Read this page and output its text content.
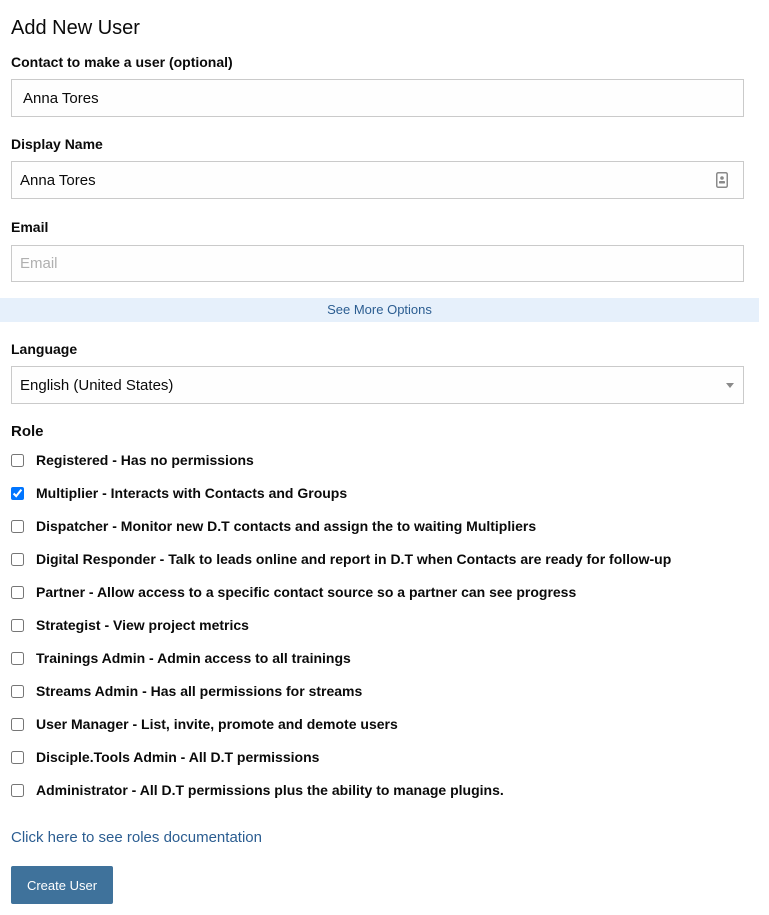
Add New User
Contact to make a user (optional)
Anna Tores
Display Name
Anna Tores
Email
Email
See More Options
Language
English (United States)
Role
Registered - Has no permissions
Multiplier - Interacts with Contacts and Groups
Dispatcher - Monitor new D.T contacts and assign the to waiting Multipliers
Digital Responder - Talk to leads online and report in D.T when Contacts are ready for follow-up
Partner - Allow access to a specific contact source so a partner can see progress
Strategist - View project metrics
Trainings Admin - Admin access to all trainings
Streams Admin - Has all permissions for streams
User Manager - List, invite, promote and demote users
Disciple.Tools Admin - All D.T permissions
Administrator - All D.T permissions plus the ability to manage plugins.
Click here to see roles documentation
Create User
